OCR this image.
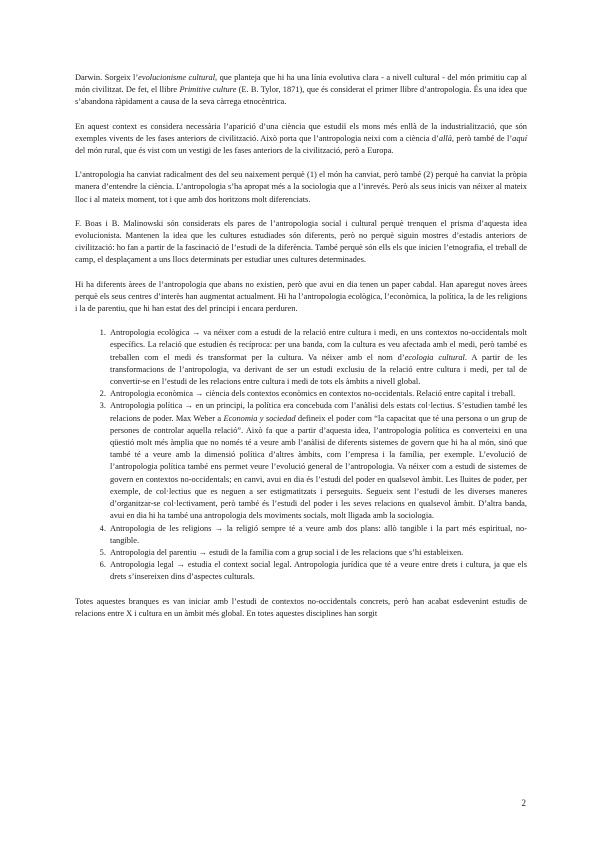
Darwin. Sorgeix l’evolucionisme cultural, que planteja que hi ha una línia evolutiva clara - a nivell cultural - del món primitiu cap al món civilitzat. De fet, el llibre Primitive culture (E. B. Tylor, 1871), que és considerat el primer llibre d’antropologia. És una idea que s’abandona ràpidament a causa de la seva càrrega etnocèntrica.

En aquest context es considera necessària l’aparició d’una ciència que estudiï els mons més enllà de la industrialització, que són exemples vivents de les fases anteriors de civilització. Això porta que l’antropologia neixi com a ciència d’allà, però també de l’aquí del món rural, que és vist com un vestigi de les fases anteriors de la civilització, però a Europa.

L’antropologia ha canviat radicalment des del seu naixement perquè (1) el món ha canviat, però també (2) perquè ha canviat la pròpia manera d’entendre la ciència. L’antropologia s’ha apropat més a la sociologia que a l’inrevés. Però als seus inicis van néixer al mateix lloc i al mateix moment, tot i que amb dos horitzons molt diferenciats.

F. Boas i B. Malinowski són considerats els pares de l’antropologia social i cultural perquè trenquen el prisma d’aquesta idea evolucionista. Mantenen la idea que les cultures estudiades són diferents, però no perquè siguin mostres d’estadis anteriors de civilització: ho fan a partir de la fascinació de l’estudi de la diferència. També perquè són ells els que inicien l’etnografia, el treball de camp, el desplaçament a uns llocs determinats per estudiar unes cultures determinades.

Hi ha diferents àrees de l’antropologia que abans no existien, però que avui en dia tenen un paper cabdal. Han aparegut noves àrees perquè els seus centres d’interès han augmentat actualment. Hi ha l’antropologia ecològica, l’econòmica, la política, la de les religions i la de parentiu, que hi han estat des del principi i encara perduren.

1. Antropologia ecològica → va néixer com a estudi de la relació entre cultura i medi, en uns contextos no-occidentals molt específics. La relació que estudien és recíproca: per una banda, com la cultura es veu afectada amb el medi, però també es treballen com el medi és transformat per la cultura. Va néixer amb el nom d’ecologia cultural. A partir de les transformacions de l’antropologia, va derivant de ser un estudi exclusiu de la relació entre cultura i medi, per tal de convertir-se en l’estudi de les relacions entre cultura i medi de tots els àmbits a nivell global.
2. Antropologia econòmica → ciència dels contextos econòmics en contextos no-occidentals. Relació entre capital i treball.
3. Antropologia política → en un principi, la política era concebuda com l’anàlisi dels estats col·lectius. S’estudien també les relacions de poder. Max Weber a Economia y sociedad defineix el poder com “la capacitat que té una persona o un grup de persones de controlar aquella relació”. Això fa que a partir d’aquesta idea, l’antropologia política es converteixi en una qüestió molt més àmplia que no només té a veure amb l’anàlisi de diferents sistemes de govern que hi ha al món, sinó que també té a veure amb la dimensió política d’altres àmbits, com l’empresa i la família, per exemple. L’evolució de l’antropologia política també ens permet veure l’evolució general de l’antropologia. Va néixer com a estudi de sistemes de govern en contextos no-occidentals; en canvi, avui en dia és l’estudi del poder en qualsevol àmbit. Les lluites de poder, per exemple, de col·lectius que es neguen a ser estigmatitzats i perseguits. Segueix sent l’estudi de les diverses maneres d’organitzar-se col·lectivament, però també és l’estudi del poder i les seves relacions en qualsevol àmbit. D’altra banda, avui en dia hi ha també una antropologia dels moviments socials, molt lligada amb la sociologia.
4. Antropologia de les religions → la religió sempre té a veure amb dos plans: allò tangible i la part més espiritual, no-tangible.
5. Antropologia del parentiu → estudi de la família com a grup social i de les relacions que s’hi estableixen.
6. Antropologia legal → estudia el context social legal. Antropologia jurídica que té a veure entre drets i cultura, ja que els drets s’insereixen dins d’aspectes culturals.

Totes aquestes branques es van iniciar amb l’estudi de contextos no-occidentals concrets, però han acabat esdevenint estudis de relacions entre X i cultura en un àmbit més global. En totes aquestes disciplines han sorgit

2
